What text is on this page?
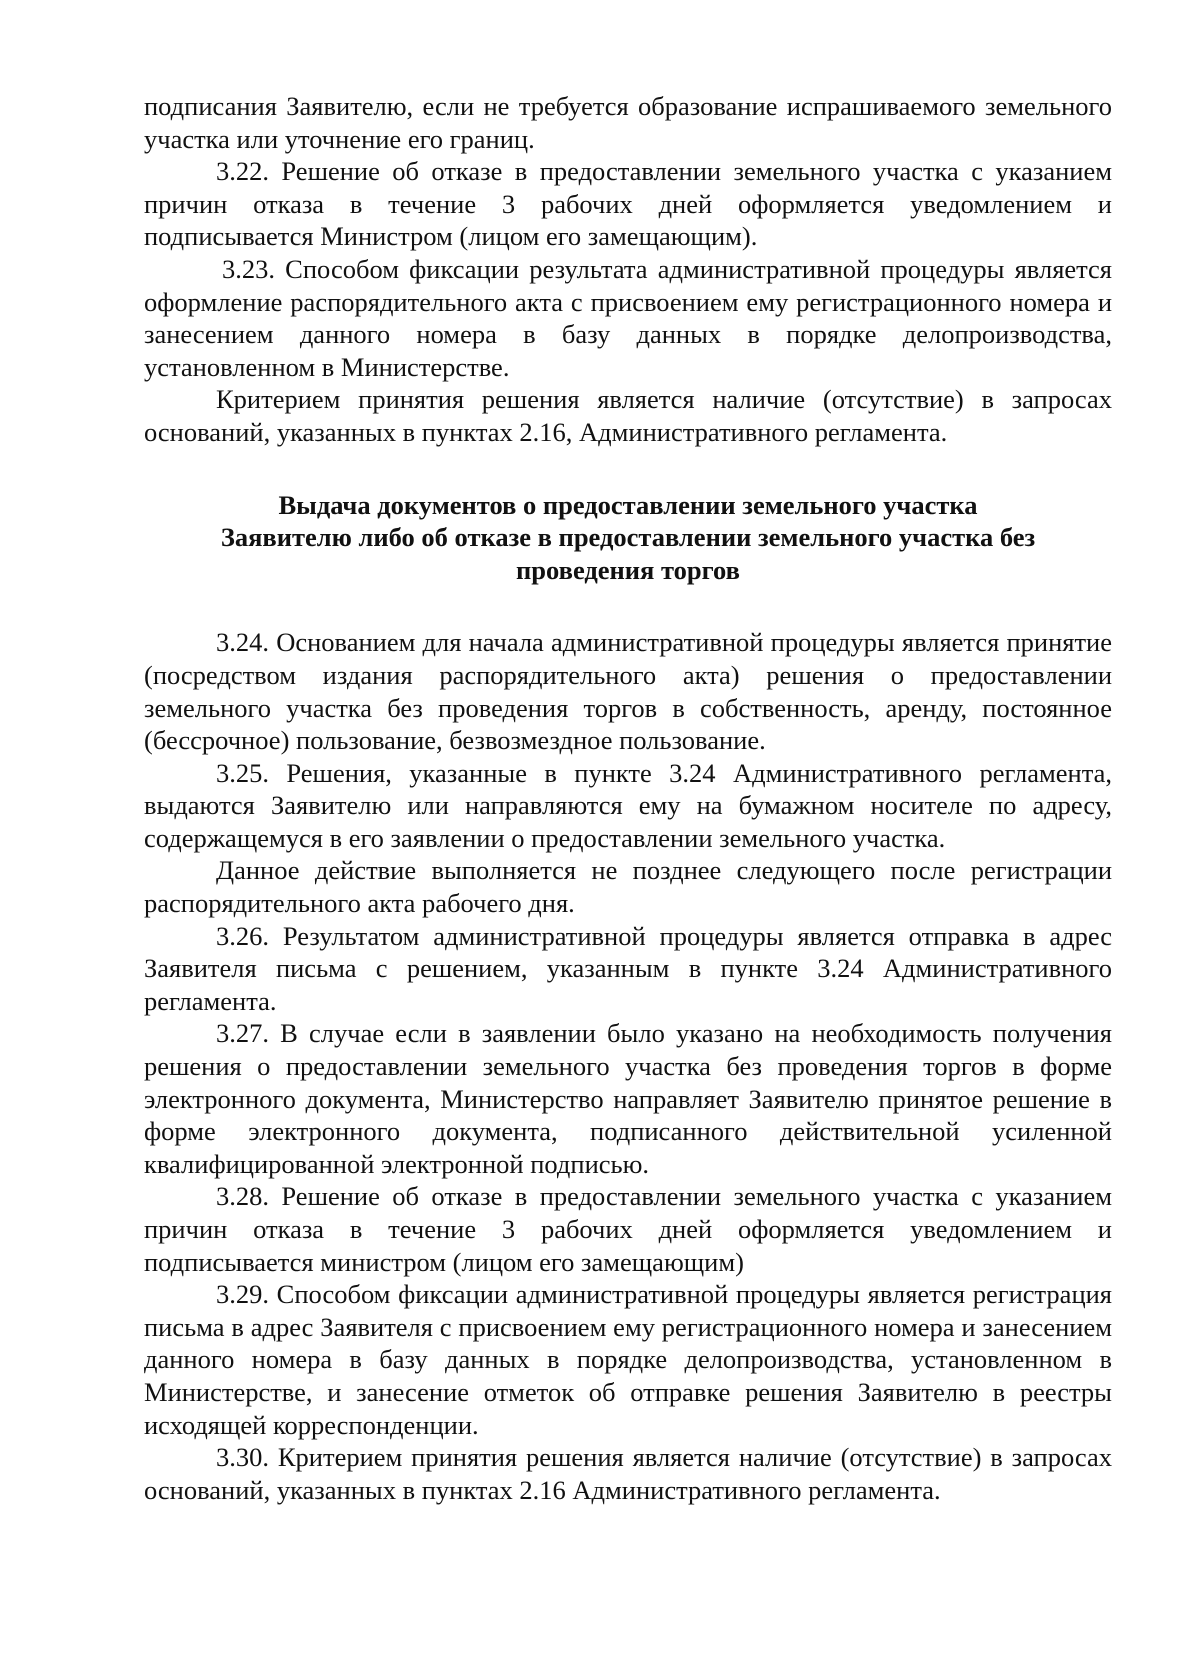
подписания Заявителю, если не требуется образование испрашиваемого земельного участка или уточнение его границ.

3.22. Решение об отказе в предоставлении земельного участка с указанием причин отказа в течение 3 рабочих дней оформляется уведомлением и подписывается Министром (лицом его замещающим).

3.23. Способом фиксации результата административной процедуры является оформление распорядительного акта с присвоением ему регистрационного номера и занесением данного номера в базу данных в порядке делопроизводства, установленном в Министерстве.

Критерием принятия решения является наличие (отсутствие) в запросах оснований, указанных в пунктах 2.16, Административного регламента.

Выдача документов о предоставлении земельного участка
Заявителю либо об отказе в предоставлении земельного участка без
проведения торгов

3.24. Основанием для начала административной процедуры является принятие (посредством издания распорядительного акта) решения о предоставлении земельного участка без проведения торгов в собственность, аренду, постоянное (бессрочное) пользование, безвозмездное пользование.

3.25. Решения, указанные в пункте 3.24 Административного регламента, выдаются Заявителю или направляются ему на бумажном носителе по адресу, содержащемуся в его заявлении о предоставлении земельного участка.

Данное действие выполняется не позднее следующего после регистрации распорядительного акта рабочего дня.

3.26. Результатом административной процедуры является отправка в адрес Заявителя письма с решением, указанным в пункте 3.24 Административного регламента.

3.27. В случае если в заявлении было указано на необходимость получения решения о предоставлении земельного участка без проведения торгов в форме электронного документа, Министерство направляет Заявителю принятое решение в форме электронного документа, подписанного действительной усиленной квалифицированной электронной подписью.

3.28. Решение об отказе в предоставлении земельного участка с указанием причин отказа в течение 3 рабочих дней оформляется уведомлением и подписывается министром (лицом его замещающим)

3.29. Способом фиксации административной процедуры является регистрация письма в адрес Заявителя с присвоением ему регистрационного номера и занесением данного номера в базу данных в порядке делопроизводства, установленном в Министерстве, и занесение отметок об отправке решения Заявителю в реестры исходящей корреспонденции.

3.30. Критерием принятия решения является наличие (отсутствие) в запросах оснований, указанных в пунктах 2.16 Административного регламента.
